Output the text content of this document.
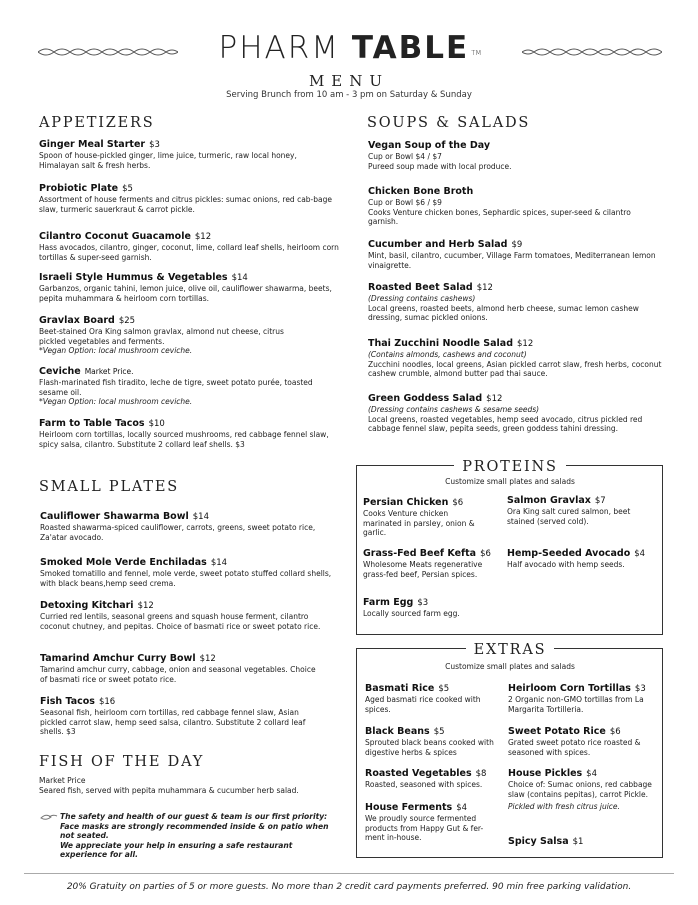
PHARM TABLE ™
MENU
Serving Brunch from 10 am - 3 pm on Saturday & Sunday
APPETIZERS
Ginger Meal Starter $3
Spoon of house-pickled ginger, lime juice, turmeric, raw local honey, Himalayan salt & fresh herbs.
Probiotic Plate $5
Assortment of house ferments and citrus pickles: sumac onions, red cab-bage slaw, turmeric sauerkraut & carrot pickle.
Cilantro Coconut Guacamole $12
Hass avocados, cilantro, ginger, coconut, lime, collard leaf shells, heirloom corn tortillas & super-seed garnish.
Israeli Style Hummus & Vegetables $14
Garbanzos, organic tahini, lemon juice, olive oil, cauliflower shawarma, beets, pepita muhammara & heirloom corn tortillas.
Gravlax Board $25
Beet-stained Ora King salmon gravlax, almond nut cheese, citrus pickled vegetables and ferments.
*Vegan Option: local mushroom ceviche.
Ceviche Market Price.
Flash-marinated fish tiradito, leche de tigre, sweet potato purée, toasted sesame oil.
*Vegan Option: local mushroom ceviche.
Farm to Table Tacos $10
Heirloom corn tortillas, locally sourced mushrooms, red cabbage fennel slaw, spicy salsa, cilantro. Substitute 2 collard leaf shells. $3
SMALL PLATES
Cauliflower Shawarma Bowl $14
Roasted shawarma-spiced cauliflower, carrots, greens, sweet potato rice, Za'atar avocado.
Smoked Mole Verde Enchiladas $14
Smoked tomatillo and fennel, mole verde, sweet potato stuffed collard shells, with black beans,hemp seed crema.
Detoxing Kitchari $12
Curried red lentils, seasonal greens and squash house ferment, cilantro coconut chutney, and pepitas. Choice of basmati rice or sweet potato rice.
Tamarind Amchur Curry Bowl $12
Tamarind amchur curry, cabbage, onion and seasonal vegetables. Choice of basmati rice or sweet potato rice.
Fish Tacos $16
Seasonal fish, heirloom corn tortillas, red cabbage fennel slaw, Asian pickled carrot slaw, hemp seed salsa, cilantro. Substitute 2 collard leaf shells. $3
FISH OF THE DAY
Market Price
Seared fish, served with pepita muhammara & cucumber herb salad.
The safety and health of our guest & team is our first priority:
Face masks are strongly recommended inside & on patio when not seated.
We appreciate your help in ensuring a safe restaurant experience for all.
SOUPS & SALADS
Vegan Soup of the Day
Cup or Bowl $4 / $7
Pureed soup made with local produce.
Chicken Bone Broth
Cup or Bowl $6 / $9
Cooks Venture chicken bones, Sephardic spices, super-seed & cilantro garnish.
Cucumber and Herb Salad $9
Mint, basil, cilantro, cucumber, Village Farm tomatoes, Mediterranean lemon vinaigrette.
Roasted Beet Salad $12
(Dressing contains cashews)
Local greens, roasted beets, almond herb cheese, sumac lemon cashew dressing, sumac pickled onions.
Thai Zucchini Noodle Salad $12
(Contains almonds, cashews and coconut)
Zucchini noodles, local greens, Asian pickled carrot slaw, fresh herbs, coconut cashew crumble, almond butter pad thai sauce.
Green Goddess Salad $12
(Dressing contains cashews & sesame seeds)
Local greens, roasted vegetables, hemp seed avocado, citrus pickled red cabbage fennel slaw, pepita seeds, green goddess tahini dressing.
PROTEINS
Customize small plates and salads
Persian Chicken $6
Cooks Venture chicken marinated in parsley, onion & garlic.
Salmon Gravlax $7
Ora King salt cured salmon, beet stained (served cold).
Grass-Fed Beef Kefta $6
Wholesome Meats regenerative grass-fed beef, Persian spices.
Hemp-Seeded Avocado $4
Half avocado with hemp seeds.
Farm Egg $3
Locally sourced farm egg.
EXTRAS
Customize small plates and salads
Basmati Rice $5
Aged basmati rice cooked with spices.
Heirloom Corn Tortillas $3
2 Organic non-GMO tortillas from La Margarita Tortilleria.
Black Beans $5
Sprouted black beans cooked with digestive herbs & spices
Sweet Potato Rice $6
Grated sweet potato rice roasted & seasoned with spices.
Roasted Vegetables $8
Roasted, seasoned with spices.
House Pickles $4
Choice of: Sumac onions, red cabbage slaw (contains pepitas), carrot Pickle.
Pickled with fresh citrus juice.
House Ferments $4
We proudly source fermented products from Happy Gut & fer-ment in-house.	Spicy Salsa $1
20% Gratuity on parties of 5 or more guests. No more than 2 credit card payments preferred. 90 min free parking validation.
